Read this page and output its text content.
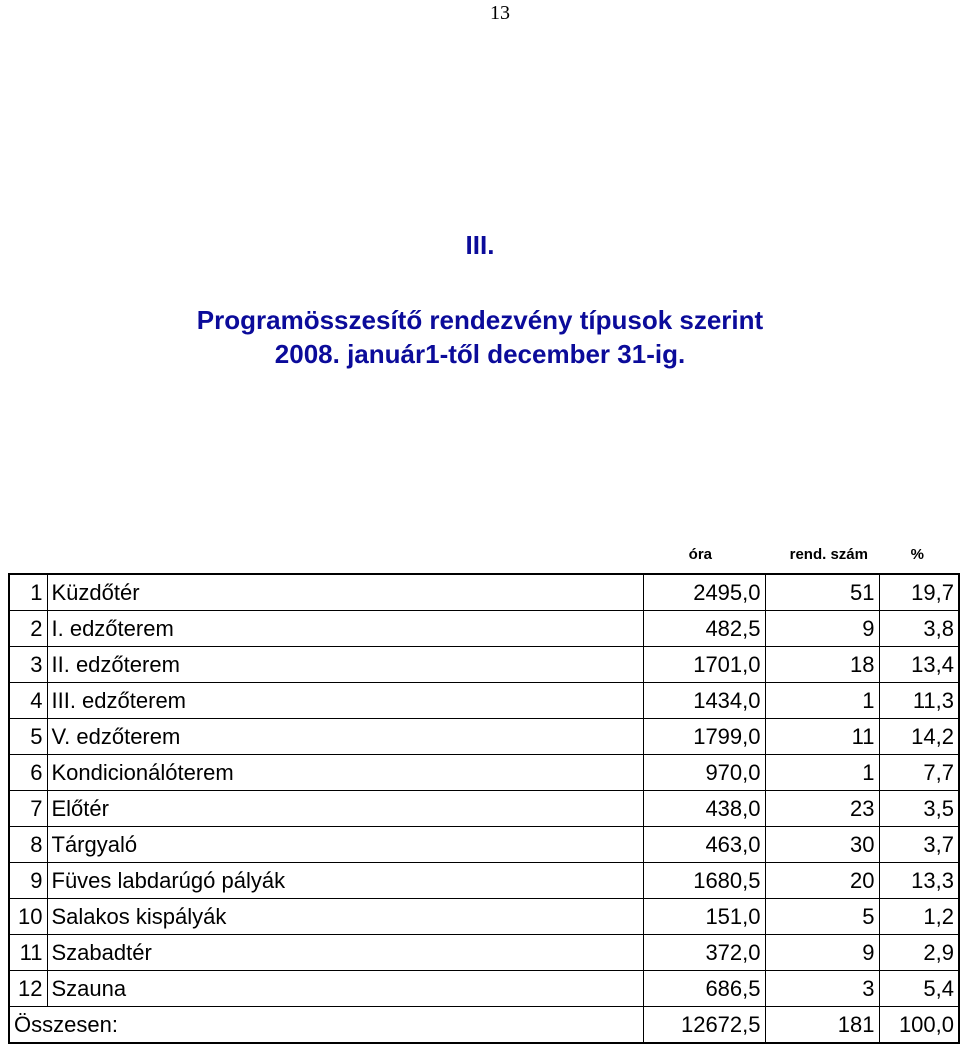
13
III.
Programösszesítő rendezvény típusok szerint
2008. január1-től december 31-ig.
óra	rend. szám	%
1	Küzdőtér	2495,0	51	19,7
2	I. edzőterem	482,5	9	3,8
3	II. edzőterem	1701,0	18	13,4
4	III. edzőterem	1434,0	1	11,3
5	V. edzőterem	1799,0	11	14,2
6	Kondicionálóterem	970,0	1	7,7
7	Előtér	438,0	23	3,5
8	Tárgyaló	463,0	30	3,7
9	Füves labdarúgó pályák	1680,5	20	13,3
10	Salakos kispályák	151,0	5	1,2
11	Szabadtér	372,0	9	2,9
12	Szauna	686,5	3	5,4
Összesen:		12672,5	181	100,0
